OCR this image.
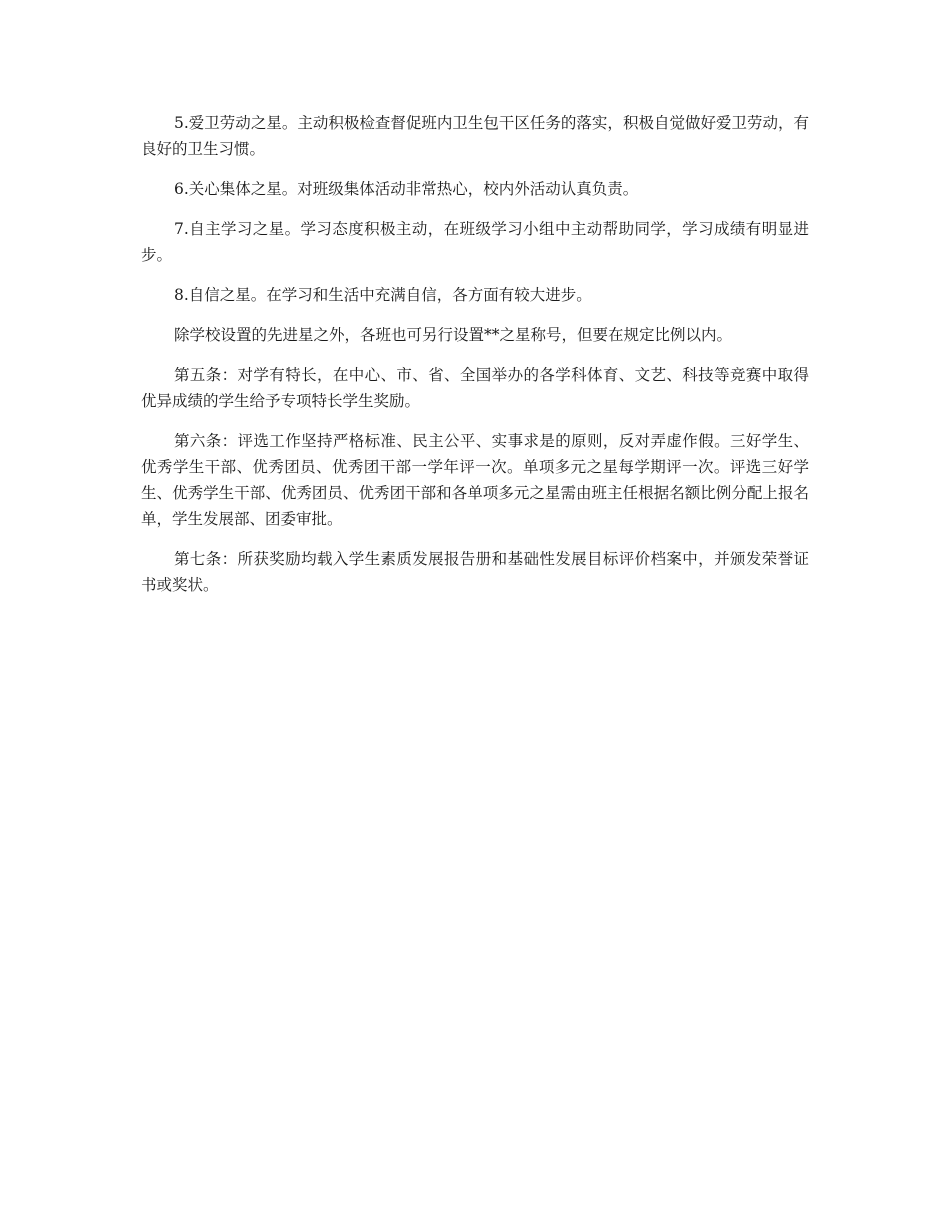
5.爱卫劳动之星。主动积极检查督促班内卫生包干区任务的落实，积极自觉做好爱卫劳动，有良好的卫生习惯。

6.关心集体之星。对班级集体活动非常热心，校内外活动认真负责。

7.自主学习之星。学习态度积极主动，在班级学习小组中主动帮助同学，学习成绩有明显进步。

8.自信之星。在学习和生活中充满自信，各方面有较大进步。

除学校设置的先进星之外，各班也可另行设置**之星称号，但要在规定比例以内。

第五条：对学有特长，在中心、市、省、全国举办的各学科体育、文艺、科技等竞赛中取得优异成绩的学生给予专项特长学生奖励。

第六条：评选工作坚持严格标准、民主公平、实事求是的原则，反对弄虚作假。三好学生、优秀学生干部、优秀团员、优秀团干部一学年评一次。单项多元之星每学期评一次。评选三好学生、优秀学生干部、优秀团员、优秀团干部和各单项多元之星需由班主任根据名额比例分配上报名单，学生发展部、团委审批。

第七条：所获奖励均载入学生素质发展报告册和基础性发展目标评价档案中，并颁发荣誉证书或奖状。
